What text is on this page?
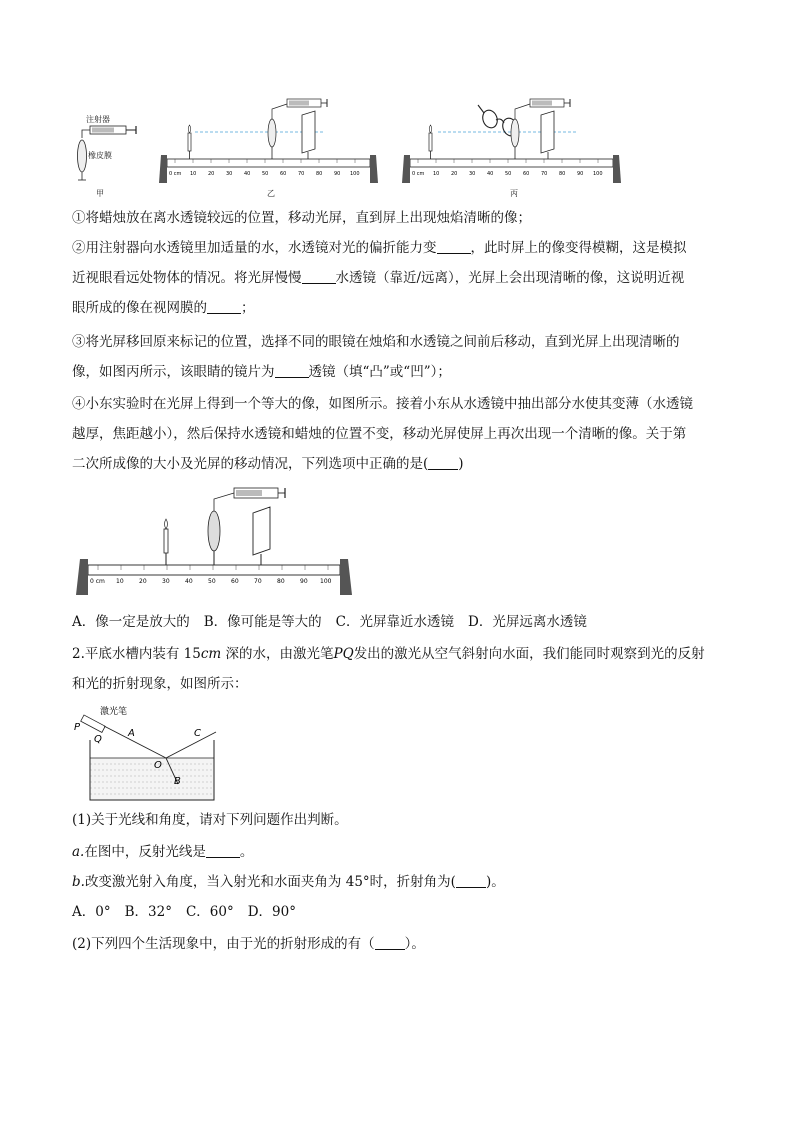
注射器
橡皮膜
甲
0 cm 10 20 30 40 50 60 70 80 90 100
乙
0 cm 10 20 30 40 50 60 70 80 90 100
丙
①将蜡烛放在离水透镜较远的位置，移动光屏，直到屏上出现烛焰清晰的像；
②用注射器向水透镜里加适量的水，水透镜对光的偏折能力变	，此时屏上的像变得模糊，这是模拟
近视眼看远处物体的情况。将光屏慢慢	水透镜（靠近/远离），光屏上会出现清晰的像，这说明近视
眼所成的像在视网膜的	；
③将光屏移回原来标记的位置，选择不同的眼镜在烛焰和水透镜之间前后移动，直到光屏上出现清晰的
像，如图丙所示，该眼睛的镜片为	透镜（填“凸”或“凹”）；
④小东实验时在光屏上得到一个等大的像，如图所示。接着小东从水透镜中抽出部分水使其变薄（水透镜
越厚，焦距越小），然后保持水透镜和蜡烛的位置不变，移动光屏使屏上再次出现一个清晰的像。关于第
二次所成像的大小及光屏的移动情况，下列选项中正确的是( )
0 cm 10	20	30	40	50	60	70	80	90 100
A．像一定是放大的 B．像可能是等大的 C．光屏靠近水透镜 D．光屏远离水透镜
2.平底水槽内装有 15cm 深的水，由激光笔PQ发出的激光从空气斜射向水面，我们能同时观察到光的反射
和光的折射现象，如图所示：
激光笔
P
Q
A	C
O
B
(1)关于光线和角度，请对下列问题作出判断。
a.在图中，反射光线是	。
b.改变激光射入角度，当入射光和水面夹角为 45°时，折射角为( )。
A．0° B．32° C．60° D．90°
(2)下列四个生活现象中，由于光的折射形成的有（ ）。
